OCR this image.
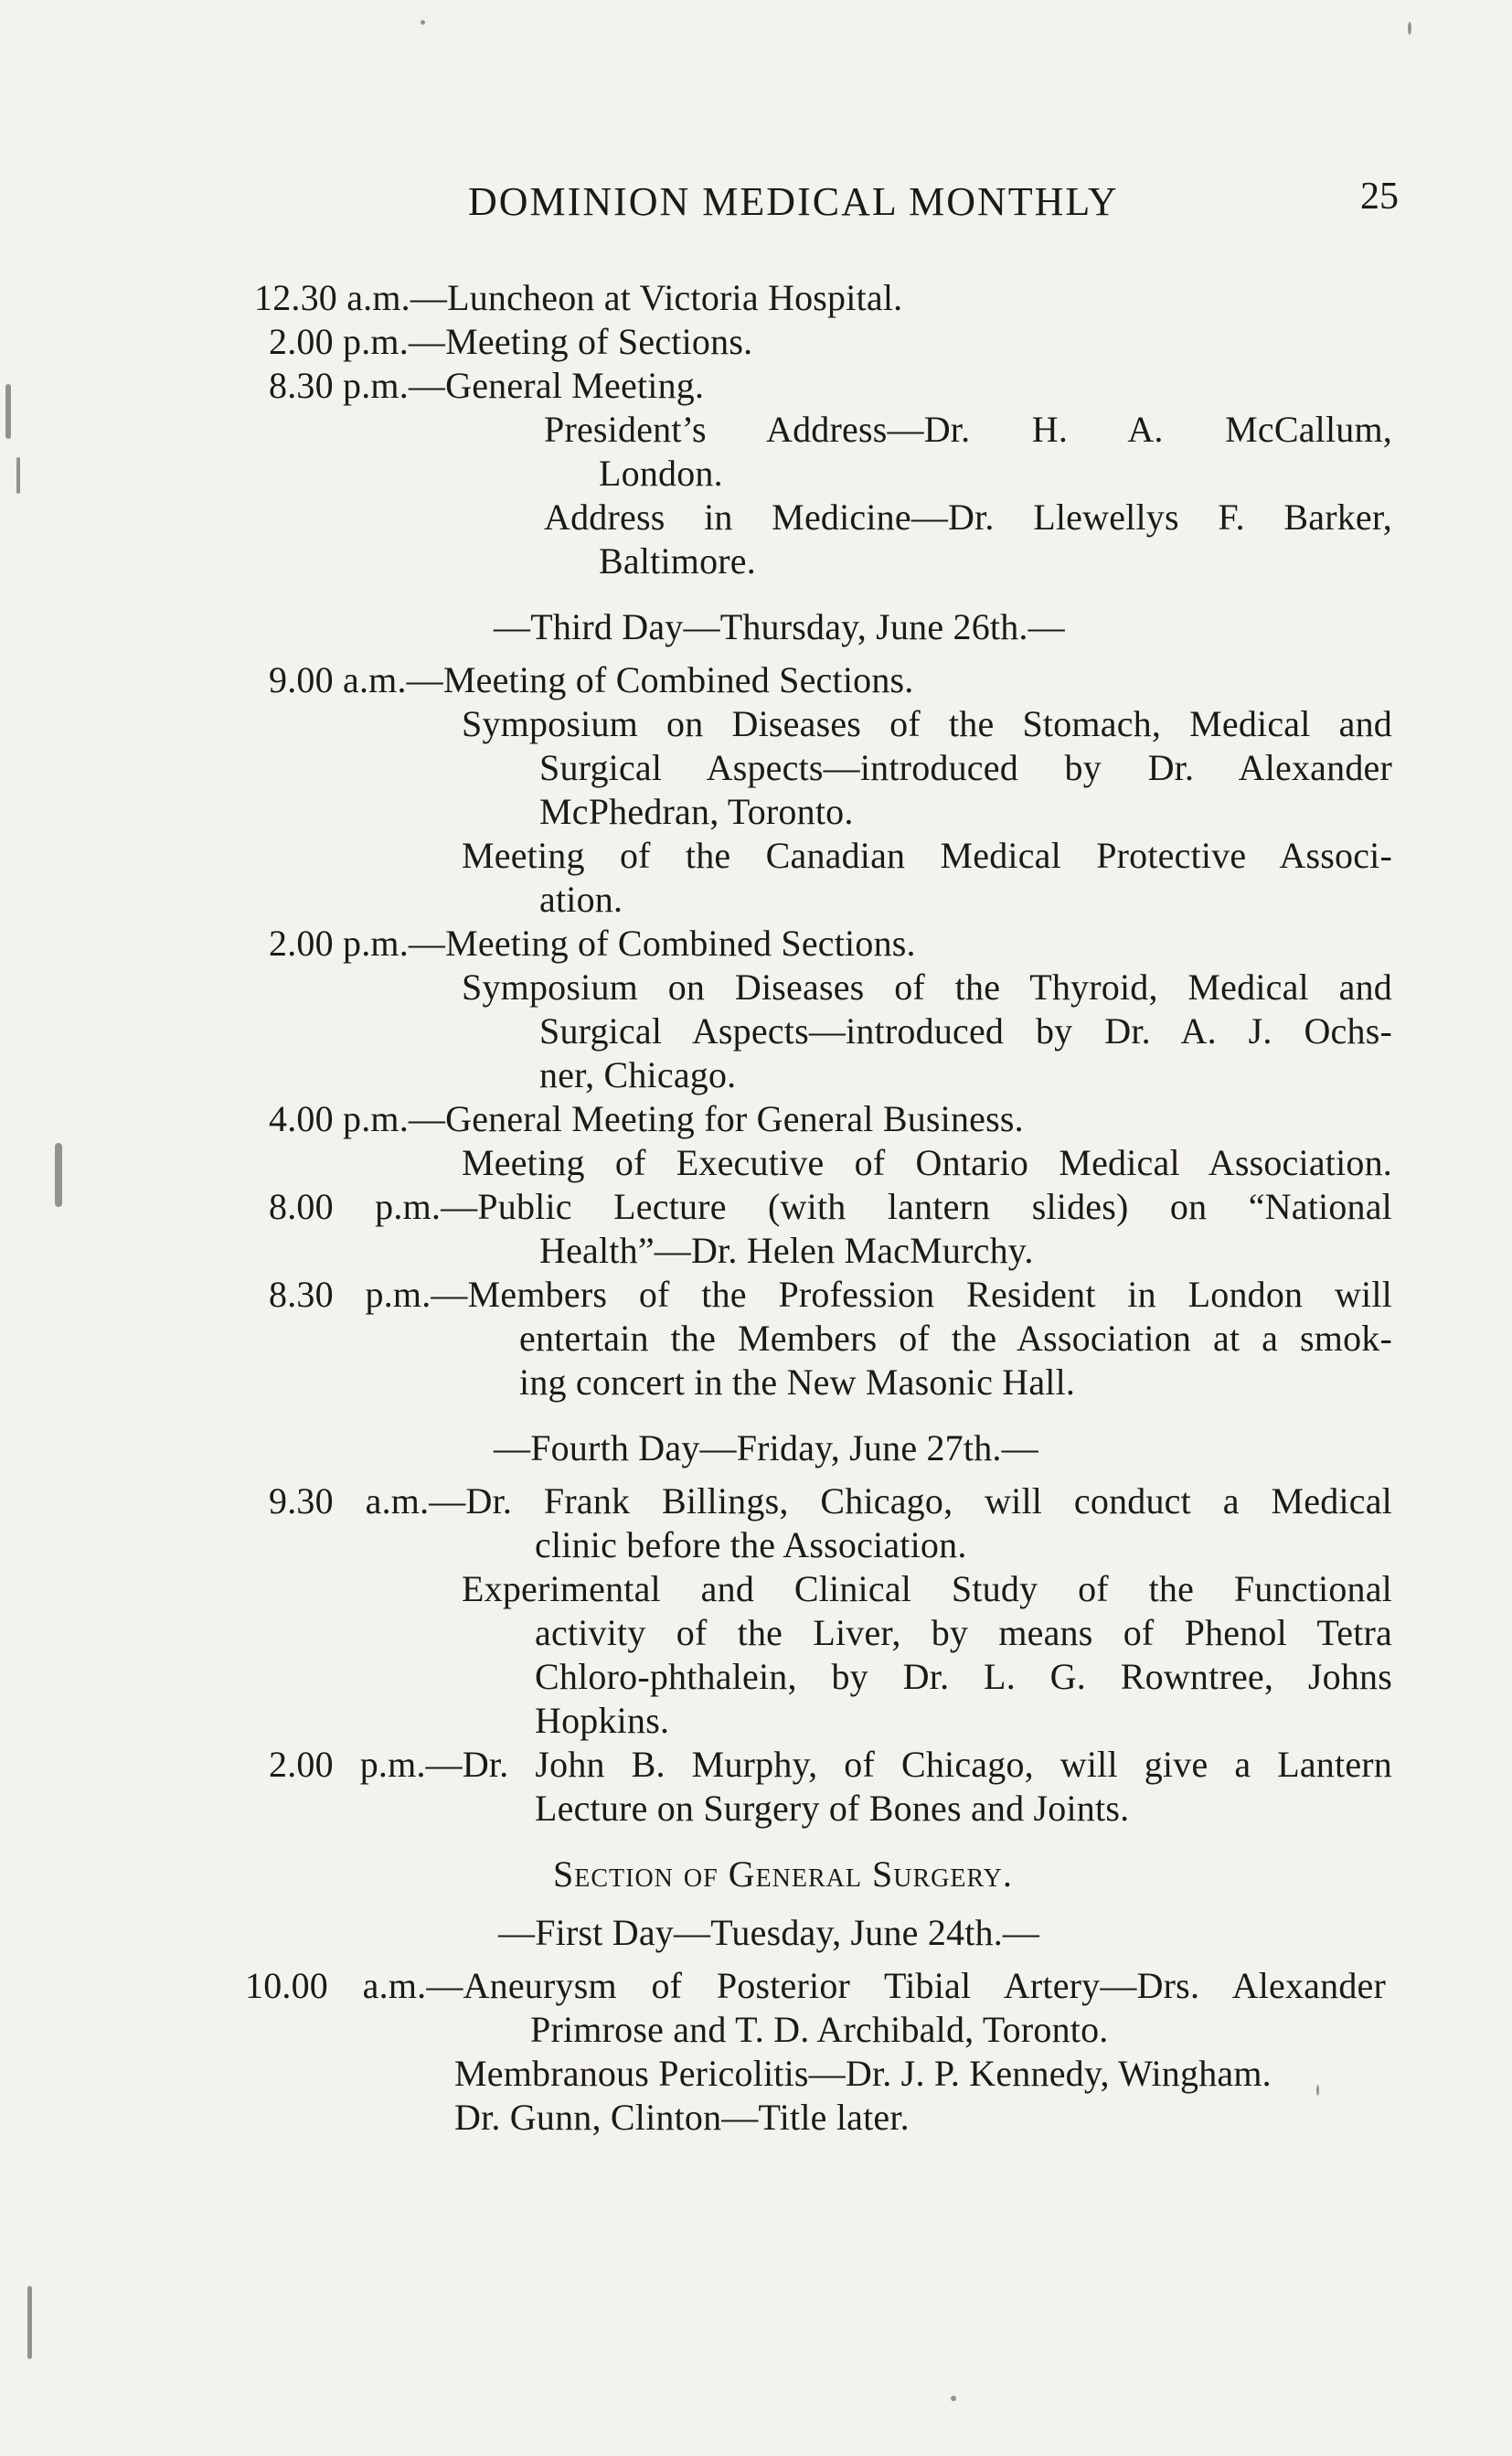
DOMINION MEDICAL MONTHLY	25
12.30 a.m.—Luncheon at Victoria Hospital.
2.00 p.m.—Meeting of Sections.
8.30 p.m.—General Meeting.
President’s Address—Dr. H. A. McCallum,
London.
Address in Medicine—Dr. Llewellys F. Barker,
Baltimore.
—Third Day—Thursday, June 26th.—
9.00 a.m.—Meeting of Combined Sections.
Symposium on Diseases of the Stomach, Medical and
Surgical Aspects—introduced by Dr. Alexander
McPhedran, Toronto.
Meeting of the Canadian Medical Protective Associ-
ation.
2.00 p.m.—Meeting of Combined Sections.
Symposium on Diseases of the Thyroid, Medical and
Surgical Aspects—introduced by Dr. A. J. Ochs-
ner, Chicago.
4.00 p.m.—General Meeting for General Business.
Meeting of Executive of Ontario Medical Association.
8.00 p.m.—Public Lecture (with lantern slides) on “National
Health”—Dr. Helen MacMurchy.
8.30 p.m.—Members of the Profession Resident in London will
entertain the Members of the Association at a smok-
ing concert in the New Masonic Hall.
—Fourth Day—Friday, June 27th.—
9.30 a.m.—Dr. Frank Billings, Chicago, will conduct a Medical
clinic before the Association.
Experimental and Clinical Study of the Functional
activity of the Liver, by means of Phenol Tetra
Chloro-phthalein, by Dr. L. G. Rowntree, Johns
Hopkins.
2.00 p.m.—Dr. John B. Murphy, of Chicago, will give a Lantern
Lecture on Surgery of Bones and Joints.
Section of General Surgery.
—First Day—Tuesday, June 24th.—
10.00 a.m.—Aneurysm of Posterior Tibial Artery—Drs. Alexander
Primrose and T. D. Archibald, Toronto.
Membranous Pericolitis—Dr. J. P. Kennedy, Wingham.
Dr. Gunn, Clinton—Title later.
